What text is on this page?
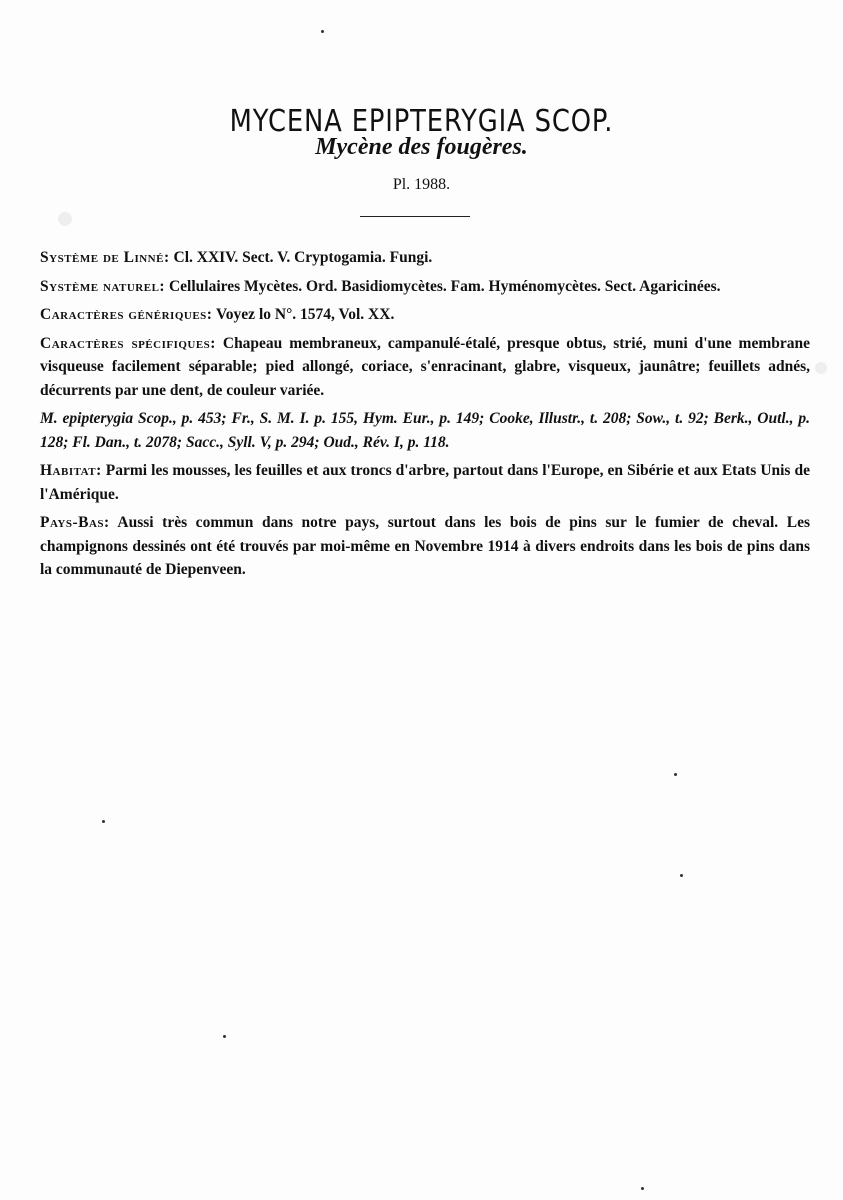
MYCENA EPIPTERYGIA SCOP.
Mycène des fougères.
Pl. 1988.

Système de Linné: Cl. XXIV. Sect. V. Cryptogamia. Fungi.

Système naturel: Cellulaires Mycètes. Ord. Basidiomycètes. Fam. Hyménomycètes. Sect. Agaricinées.

Caractères génériques: Voyez lo N°. 1574, Vol. XX.

Caractères spécifiques: Chapeau membraneux, campanulé-étalé, presque obtus, strié, muni d'une membrane visqueuse facilement séparable; pied allongé, coriace, s'enracinant, glabre, visqueux, jaunâtre; feuillets adnés, décurrents par une dent, de couleur variée.

M. epipterygia Scop., p. 453; Fr., S. M. I. p. 155, Hym. Eur., p. 149; Cooke, Illustr., t. 208; Sow., t. 92; Berk., Outl., p. 128; Fl. Dan., t. 2078; Sacc., Syll. V, p. 294; Oud., Rév. I, p. 118.

Habitat: Parmi les mousses, les feuilles et aux troncs d'arbre, partout dans l'Europe, en Sibérie et aux Etats Unis de l'Amérique.

Pays-Bas: Aussi très commun dans notre pays, surtout dans les bois de pins sur le fumier de cheval. Les champignons dessinés ont été trouvés par moi-même en Novembre 1914 à divers endroits dans les bois de pins dans la communauté de Diepenveen.
